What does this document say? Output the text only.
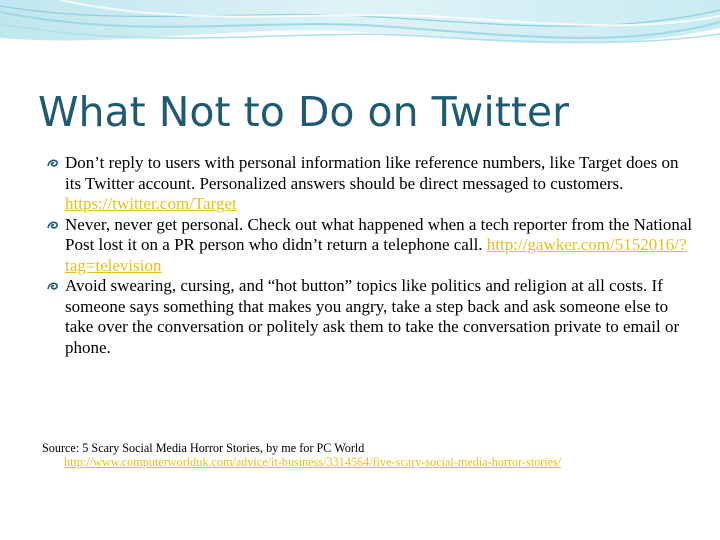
What Not to Do on Twitter
Don’t reply to users with personal information like reference numbers, like Target does on its Twitter account. Personalized answers should be direct messaged to customers. https://twitter.com/Target
Never, never get personal. Check out what happened when a tech reporter from the National Post lost it on a PR person who didn’t return a telephone call. http://gawker.com/5152016/?tag=television
Avoid swearing, cursing, and “hot button” topics like politics and religion at all costs. If someone says something that makes you angry, take a step back and ask someone else to take over the conversation or politely ask them to take the conversation private to email or phone.
Source: 5 Scary Social Media Horror Stories, by me for PC World
http://www.computerworlduk.com/advice/it-business/3314564/five-scary-social-media-horror-stories/
